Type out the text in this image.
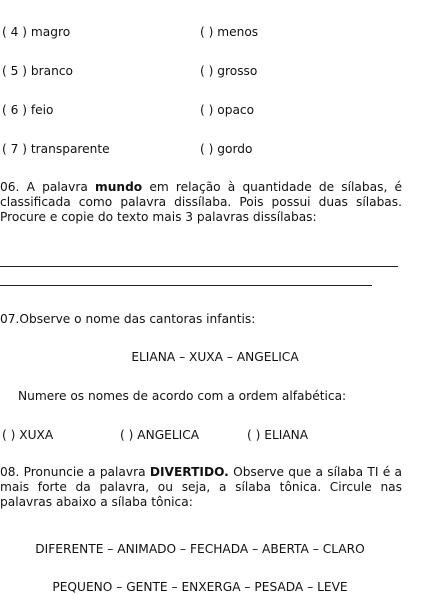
( 4 ) magro	( ) menos
( 5 ) branco	( ) grosso
( 6 ) feio	( ) opaco
( 7 ) transparente	( ) gordo
06. A palavra mundo em relação à quantidade de sílabas, é classificada como palavra dissílaba. Pois possui duas sílabas. Procure e copie do texto mais 3 palavras dissílabas:
07.Observe o nome das cantoras infantis:
ELIANA – XUXA – ANGELICA
Numere os nomes de acordo com a ordem alfabética:
( ) XUXA	( ) ANGELICA	( ) ELIANA
08. Pronuncie a palavra DIVERTIDO. Observe que a sílaba TI é a mais forte da palavra, ou seja, a sílaba tônica. Circule nas palavras abaixo a sílaba tônica:
DIFERENTE – ANIMADO – FECHADA – ABERTA – CLARO
PEQUENO – GENTE – ENXERGA – PESADA – LEVE
